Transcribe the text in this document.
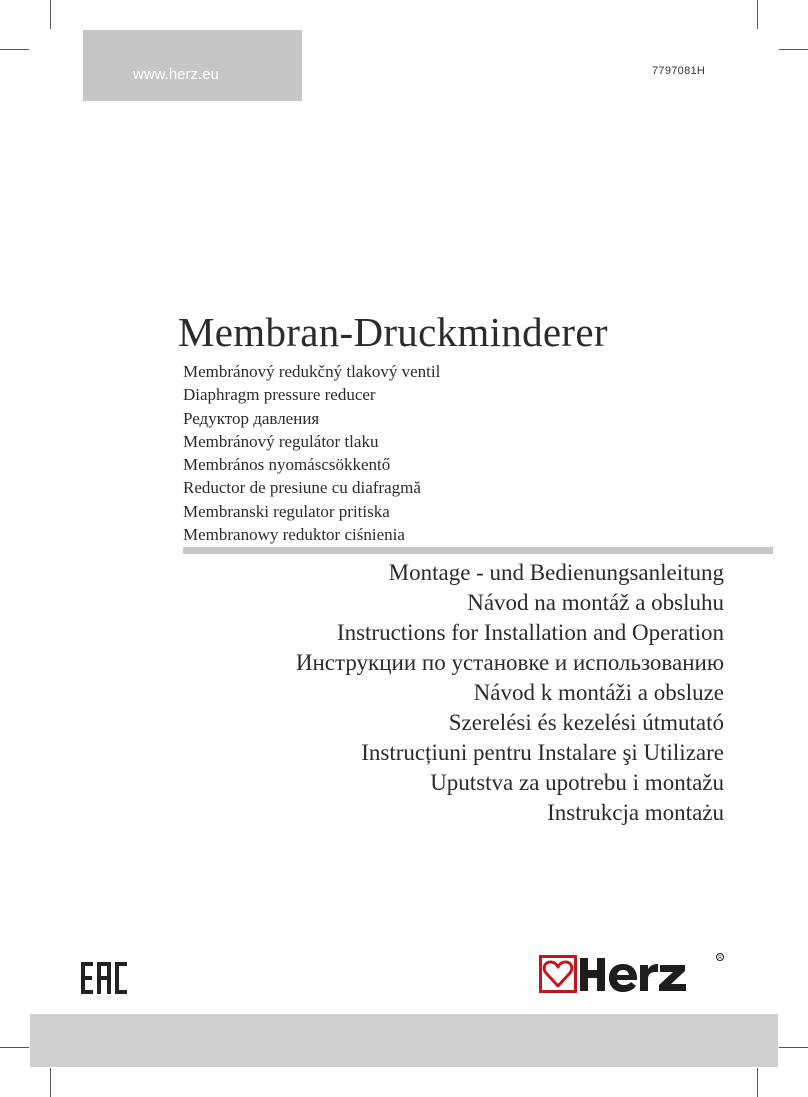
www.herz.eu	7797081H
Membran-Druckminderer
Membránový redukčný tlakový ventil
Diaphragm pressure reducer
Редуктор давления
Membránový regulátor tlaku
Membrános nyomáscsökkentő
Reductor de presiune cu diafragmă
Membranski regulator pritiska
Membranowy reduktor ciśnienia
Montage - und Bedienungsanleitung
Návod na montáž a obsluhu
Instructions for Installation and Operation
Инструкции по установке и использованию
Návod k montáži a obsluze
Szerelési és kezelési útmutató
Instrucțiuni pentru Instalare şi Utilizare
Uputstva za upotrebu i montažu
Instrukcja montażu
R
